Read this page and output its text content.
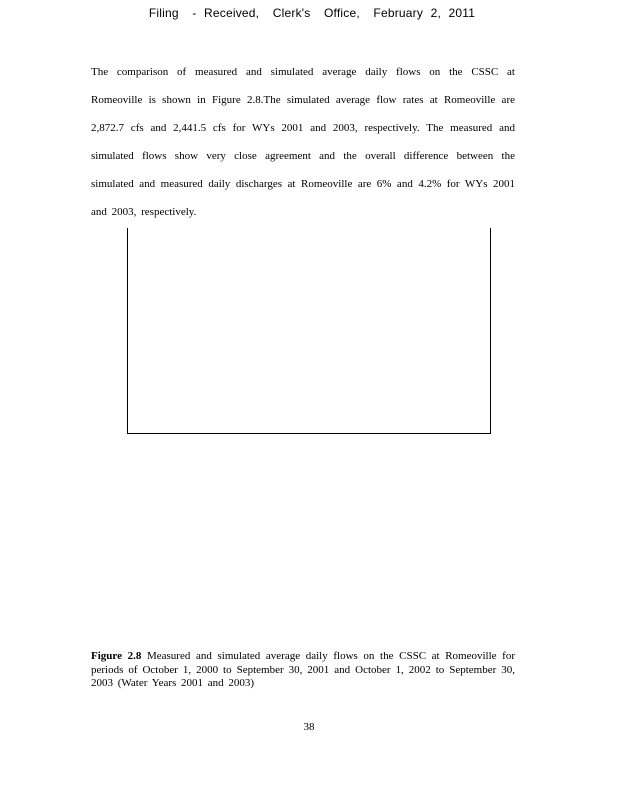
Filing - Received, Clerk's Office, February 2, 2011

The comparison of measured and simulated average daily flows on the CSSC at Romeoville is shown in Figure 2.8.The simulated average flow rates at Romeoville are 2,872.7 cfs and 2,441.5 cfs for WYs 2001 and 2003, respectively. The measured and simulated flows show very close agreement and the overall difference between the simulated and measured daily discharges at Romeoville are 6% and 4.2% for WYs 2001 and 2003, respectively.

Figure 2.8 Measured and simulated average daily flows on the CSSC at Romeoville for periods of October 1, 2000 to September 30, 2001 and October 1, 2002 to September 30, 2003 (Water Years 2001 and 2003)

38
